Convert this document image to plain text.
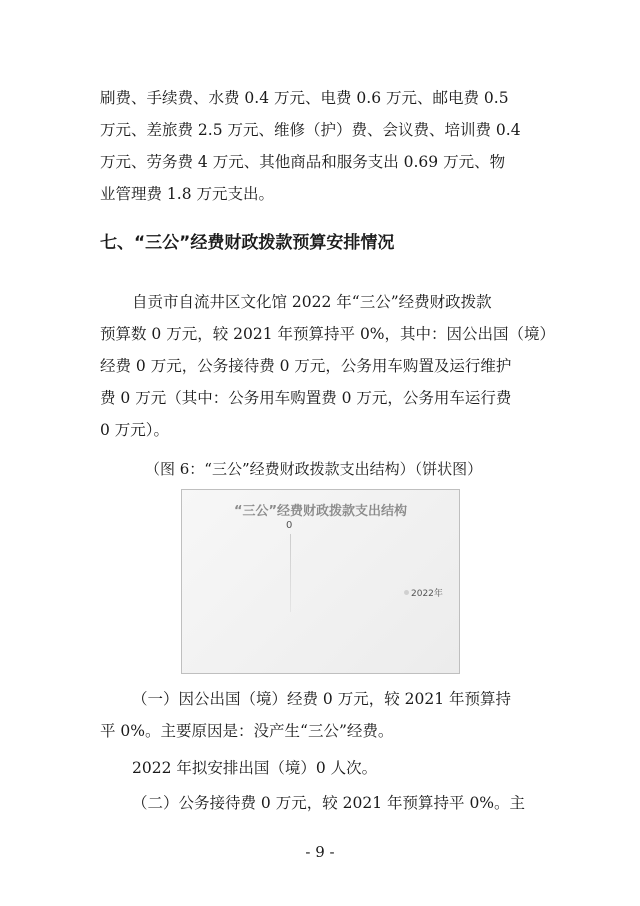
刷费、手续费、水费 0.4 万元、电费 0.6 万元、邮电费 0.5
万元、差旅费 2.5 万元、维修（护）费、会议费、培训费 0.4
万元、劳务费 4 万元、其他商品和服务支出 0.69 万元、物
业管理费 1.8 万元支出。
七、“三公”经费财政拨款预算安排情况
自贡市自流井区文化馆 2022 年“三公”经费财政拨款
预算数 0 万元，较 2021 年预算持平 0%，其中：因公出国（境）
经费 0 万元，公务接待费 0 万元，公务用车购置及运行维护
费 0 万元（其中：公务用车购置费 0 万元，公务用车运行费
0 万元）。
（图 6：“三公”经费财政拨款支出结构）（饼状图）
“三公”经费财政拨款支出结构
0
2022年
（一）因公出国（境）经费 0 万元，较 2021 年预算持
平 0%。主要原因是：没产生“三公”经费。
2022 年拟安排出国（境）0 人次。
（二）公务接待费 0 万元，较 2021 年预算持平 0%。主
- 9 -
